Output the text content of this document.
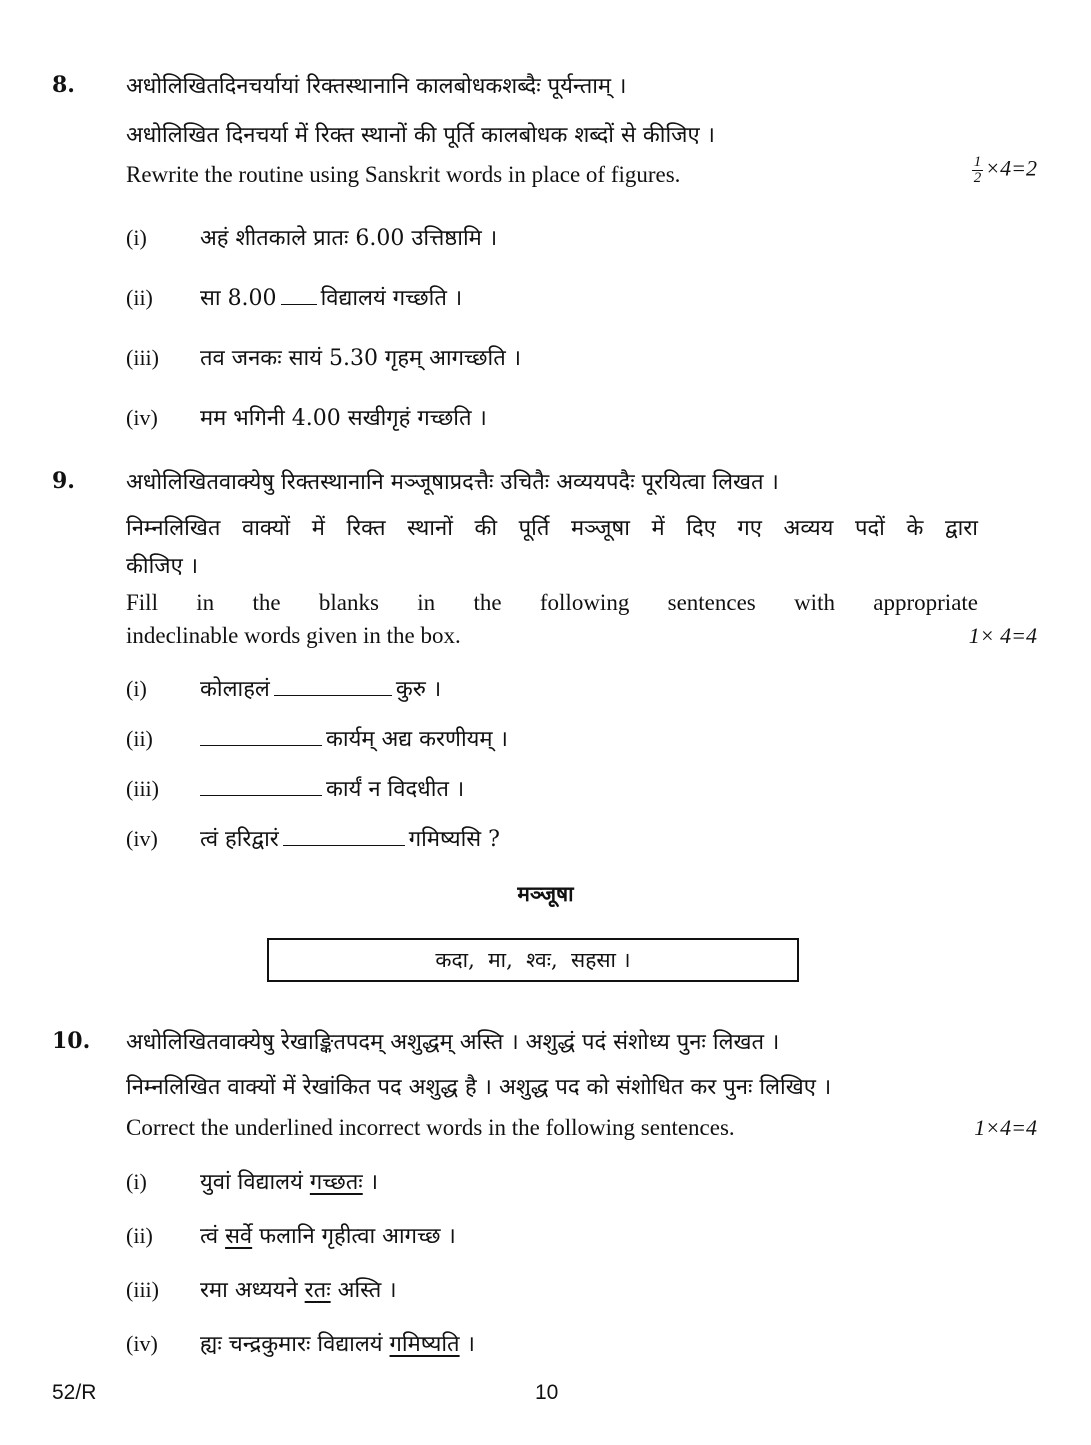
8. अधोलिखितदिनचर्यायां रिक्तस्थानानि कालबोधकशब्दैः पूर्यन्ताम् ।
अधोलिखित दिनचर्या में रिक्त स्थानों की पूर्ति कालबोधक शब्दों से कीजिए ।
Rewrite the routine using Sanskrit words in place of figures.	$\frac{1}{2} \times 4=2$
(i) अहं शीतकाले प्रातः 6.00 उत्तिष्ठामि ।
(ii) सा 8.00 विद्यालयं गच्छति ।
(iii) तव जनकः सायं 5.30 गृहम् आगच्छति ।
(iv) मम भगिनी 4.00 सखीगृहं गच्छति ।
9. अधोलिखितवाक्येषु रिक्तस्थानानि मञ्जूषाप्रदत्तैः उचितैः अव्ययपदैः पूरयित्वा लिखत ।
निम्नलिखित वाक्यों में रिक्त स्थानों की पूर्ति मञ्जूषा में दिए गए अव्यय पदों के द्वारा
कीजिए ।
Fill in the blanks in the following sentences with appropriate
indeclinable words given in the box.	1× 4=4
(i) कोलाहलं	कुरु ।
(ii)	कार्यम् अद्य करणीयम् ।
(iii)	कार्यं न विदधीत ।
(iv) त्वं हरिद्वारं	गमिष्यसि ?
मञ्जूषा
कदा,  मा,  श्वः,  सहसा ।
10. अधोलिखितवाक्येषु रेखाङ्कितपदम् अशुद्धम् अस्ति । अशुद्धं पदं संशोध्य पुनः लिखत ।
निम्नलिखित वाक्यों में रेखांकित पद अशुद्ध है । अशुद्ध पद को संशोधित कर पुनः लिखिए ।
Correct the underlined incorrect words in the following sentences.	1×4=4
(i) युवां विद्यालयं गच्छतः ।
(ii) त्वं सर्वे फलानि गृहीत्वा आगच्छ ।
(iii) रमा अध्ययने रतः अस्ति ।
(iv) ह्यः चन्द्रकुमारः विद्यालयं गमिष्यति ।
52/R	10
